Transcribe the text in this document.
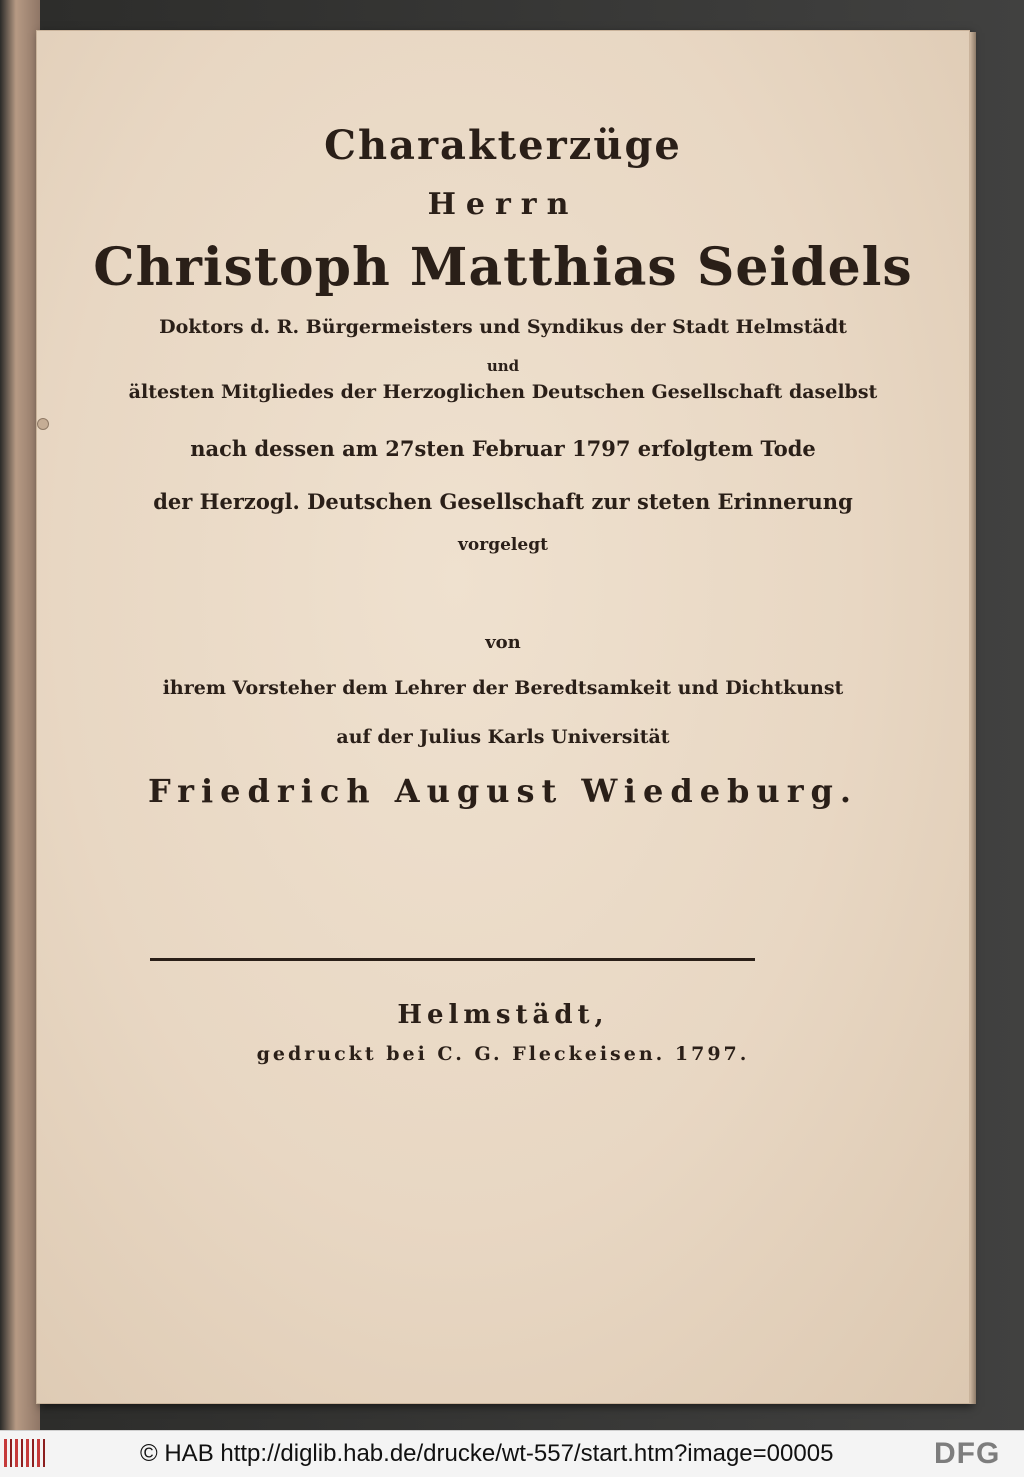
Charakterzüge
Herrn
Christoph Matthias Seidels
Doktors d. R. Bürgermeisters und Syndikus der Stadt Helmstädt
und
ältesten Mitgliedes der Herzoglichen Deutschen Gesellschaft daselbst
nach dessen am 27sten Februar 1797 erfolgtem Tode
der Herzogl. Deutschen Gesellschaft zur steten Erinnerung
vorgelegt
von
ihrem Vorsteher dem Lehrer der Beredtsamkeit und Dichtkunst
auf der Julius Karls Universität
Friedrich August Wiedeburg.
Helmstädt,
gedruckt bei C. G. Fleckeisen. 1797.
© HAB http://diglib.hab.de/drucke/wt-557/start.htm?image=00005	DFG
